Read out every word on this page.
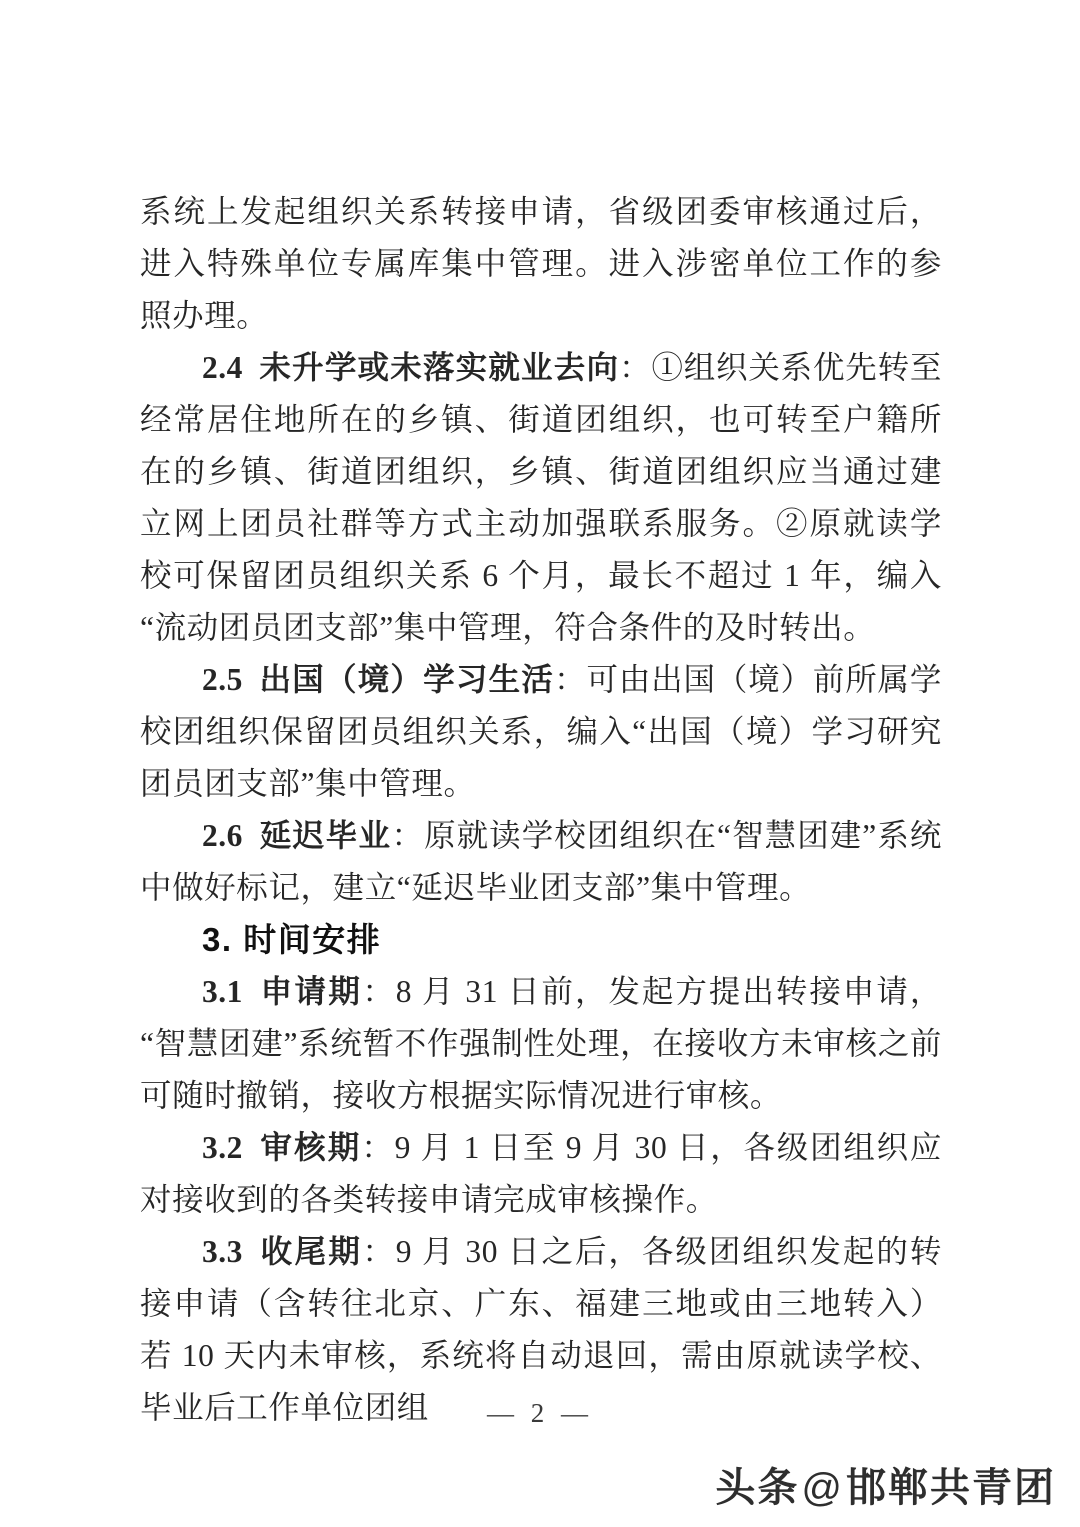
系统上发起组织关系转接申请，省级团委审核通过后，进入特殊单位专属库集中管理。进入涉密单位工作的参照办理。

2.4  未升学或未落实就业去向：①组织关系优先转至经常居住地所在的乡镇、街道团组织，也可转至户籍所在的乡镇、街道团组织，乡镇、街道团组织应当通过建立网上团员社群等方式主动加强联系服务。②原就读学校可保留团员组织关系 6 个月，最长不超过 1 年，编入“流动团员团支部”集中管理，符合条件的及时转出。

2.5  出国（境）学习生活：可由出国（境）前所属学校团组织保留团员组织关系，编入“出国（境）学习研究团员团支部”集中管理。

2.6  延迟毕业：原就读学校团组织在“智慧团建”系统中做好标记，建立“延迟毕业团支部”集中管理。

3. 时间安排

3.1  申请期：8 月 31 日前，发起方提出转接申请，“智慧团建”系统暂不作强制性处理，在接收方未审核之前可随时撤销，接收方根据实际情况进行审核。

3.2  审核期：9 月 1 日至 9 月 30 日，各级团组织应对接收到的各类转接申请完成审核操作。

3.3  收尾期：9 月 30 日之后，各级团组织发起的转接申请（含转往北京、广东、福建三地或由三地转入）若 10 天内未审核，系统将自动退回，需由原就读学校、毕业后工作单位团组	— 2 —
头条@邯郸共青团
